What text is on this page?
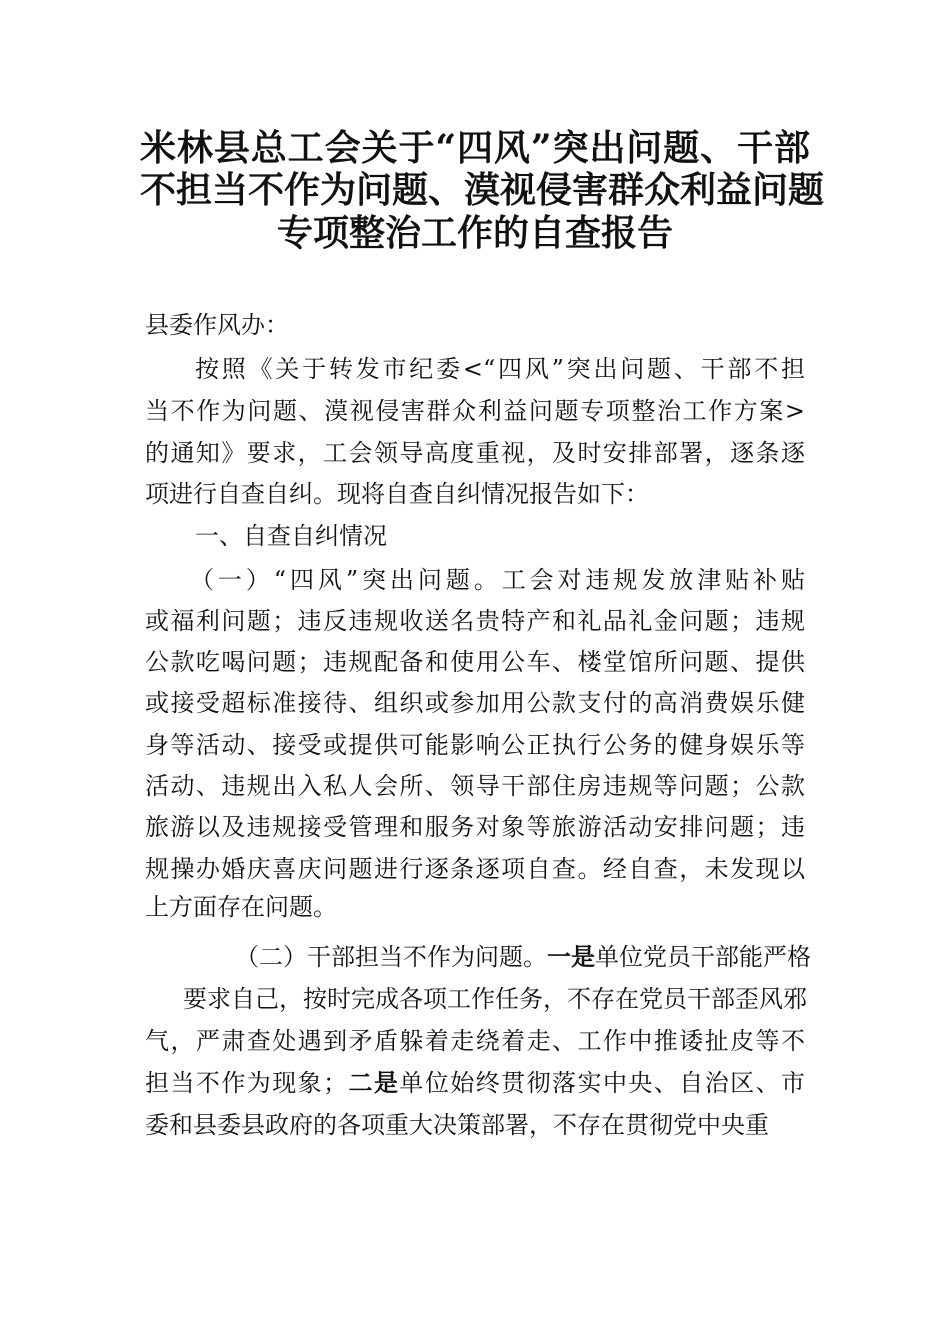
米林县总工会关于“四风”突出问题、干部
不担当不作为问题、漠视侵害群众利益问题
专项整治工作的自查报告
县委作风办：
按照《关于转发市纪委<“四风”突出问题、干部不担
当不作为问题、漠视侵害群众利益问题专项整治工作方案>
的通知》要求，工会领导高度重视，及时安排部署，逐条逐
项进行自查自纠。现将自查自纠情况报告如下：
一、自查自纠情况
（一）“四风”突出问题。工会对违规发放津贴补贴
或福利问题；违反违规收送名贵特产和礼品礼金问题；违规
公款吃喝问题；违规配备和使用公车、楼堂馆所问题、提供
或接受超标准接待、组织或参加用公款支付的高消费娱乐健
身等活动、接受或提供可能影响公正执行公务的健身娱乐等
活动、违规出入私人会所、领导干部住房违规等问题；公款
旅游以及违规接受管理和服务对象等旅游活动安排问题；违
规操办婚庆喜庆问题进行逐条逐项自查。经自查，未发现以
上方面存在问题。
（二）干部担当不作为问题。一是单位党员干部能严格
要求自己，按时完成各项工作任务，不存在党员干部歪风邪
气，严肃查处遇到矛盾躲着走绕着走、工作中推诿扯皮等不
担当不作为现象；二是单位始终贯彻落实中央、自治区、市
委和县委县政府的各项重大决策部署，不存在贯彻党中央重
